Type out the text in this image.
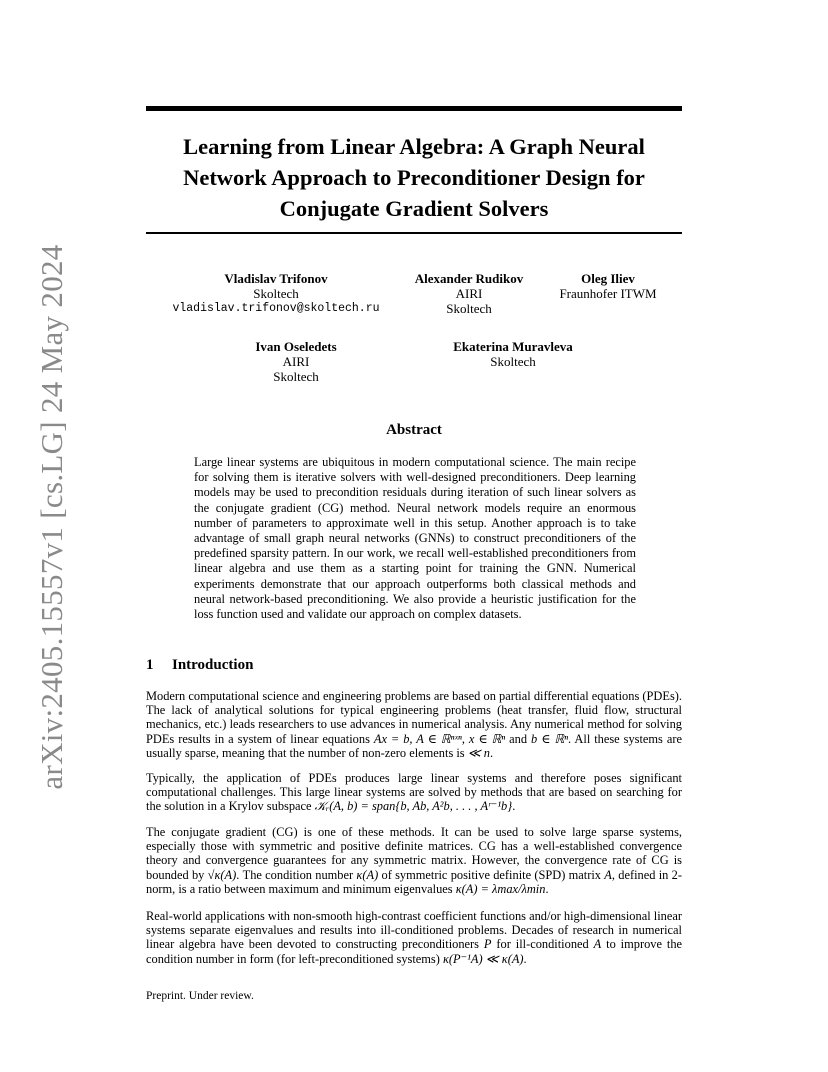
arXiv:2405.15557v1 [cs.LG] 24 May 2024
Learning from Linear Algebra: A Graph Neural Network Approach to Preconditioner Design for Conjugate Gradient Solvers
Vladislav Trifonov
Skoltech
vladislav.trifonov@skoltech.ru
Alexander Rudikov
AIRI
Skoltech
Oleg Iliev
Fraunhofer ITWM
Ivan Oseledets
AIRI
Skoltech
Ekaterina Muravleva
Skoltech
Abstract
Large linear systems are ubiquitous in modern computational science. The main recipe for solving them is iterative solvers with well-designed preconditioners. Deep learning models may be used to precondition residuals during iteration of such linear solvers as the conjugate gradient (CG) method. Neural network models require an enormous number of parameters to approximate well in this setup. Another approach is to take advantage of small graph neural networks (GNNs) to construct preconditioners of the predefined sparsity pattern. In our work, we recall well-established preconditioners from linear algebra and use them as a starting point for training the GNN. Numerical experiments demonstrate that our approach outperforms both classical methods and neural network-based preconditioning. We also provide a heuristic justification for the loss function used and validate our approach on complex datasets.
1 Introduction
Modern computational science and engineering problems are based on partial differential equations (PDEs). The lack of analytical solutions for typical engineering problems (heat transfer, fluid flow, structural mechanics, etc.) leads researchers to use advances in numerical analysis. Any numerical method for solving PDEs results in a system of linear equations Ax = b, A ∈ ℝⁿˣⁿ, x ∈ ℝⁿ and b ∈ ℝⁿ. All these systems are usually sparse, meaning that the number of non-zero elements is ≪ n.
Typically, the application of PDEs produces large linear systems and therefore poses significant computational challenges. This large linear systems are solved by methods that are based on searching for the solution in a Krylov subspace 𝒦ᵣ(A, b) = span{b, Ab, A²b, . . . , Aʳ⁻¹b}.
The conjugate gradient (CG) is one of these methods. It can be used to solve large sparse systems, especially those with symmetric and positive definite matrices. CG has a well-established convergence theory and convergence guarantees for any symmetric matrix. However, the convergence rate of CG is bounded by √κ(A). The condition number κ(A) of symmetric positive definite (SPD) matrix A, defined in 2-norm, is a ratio between maximum and minimum eigenvalues κ(A) = λmax/λmin.
Real-world applications with non-smooth high-contrast coefficient functions and/or high-dimensional linear systems separate eigenvalues and results into ill-conditioned problems. Decades of research in numerical linear algebra have been devoted to constructing preconditioners P for ill-conditioned A to improve the condition number in form (for left-preconditioned systems) κ(P⁻¹A) ≪ κ(A).
Preprint. Under review.
